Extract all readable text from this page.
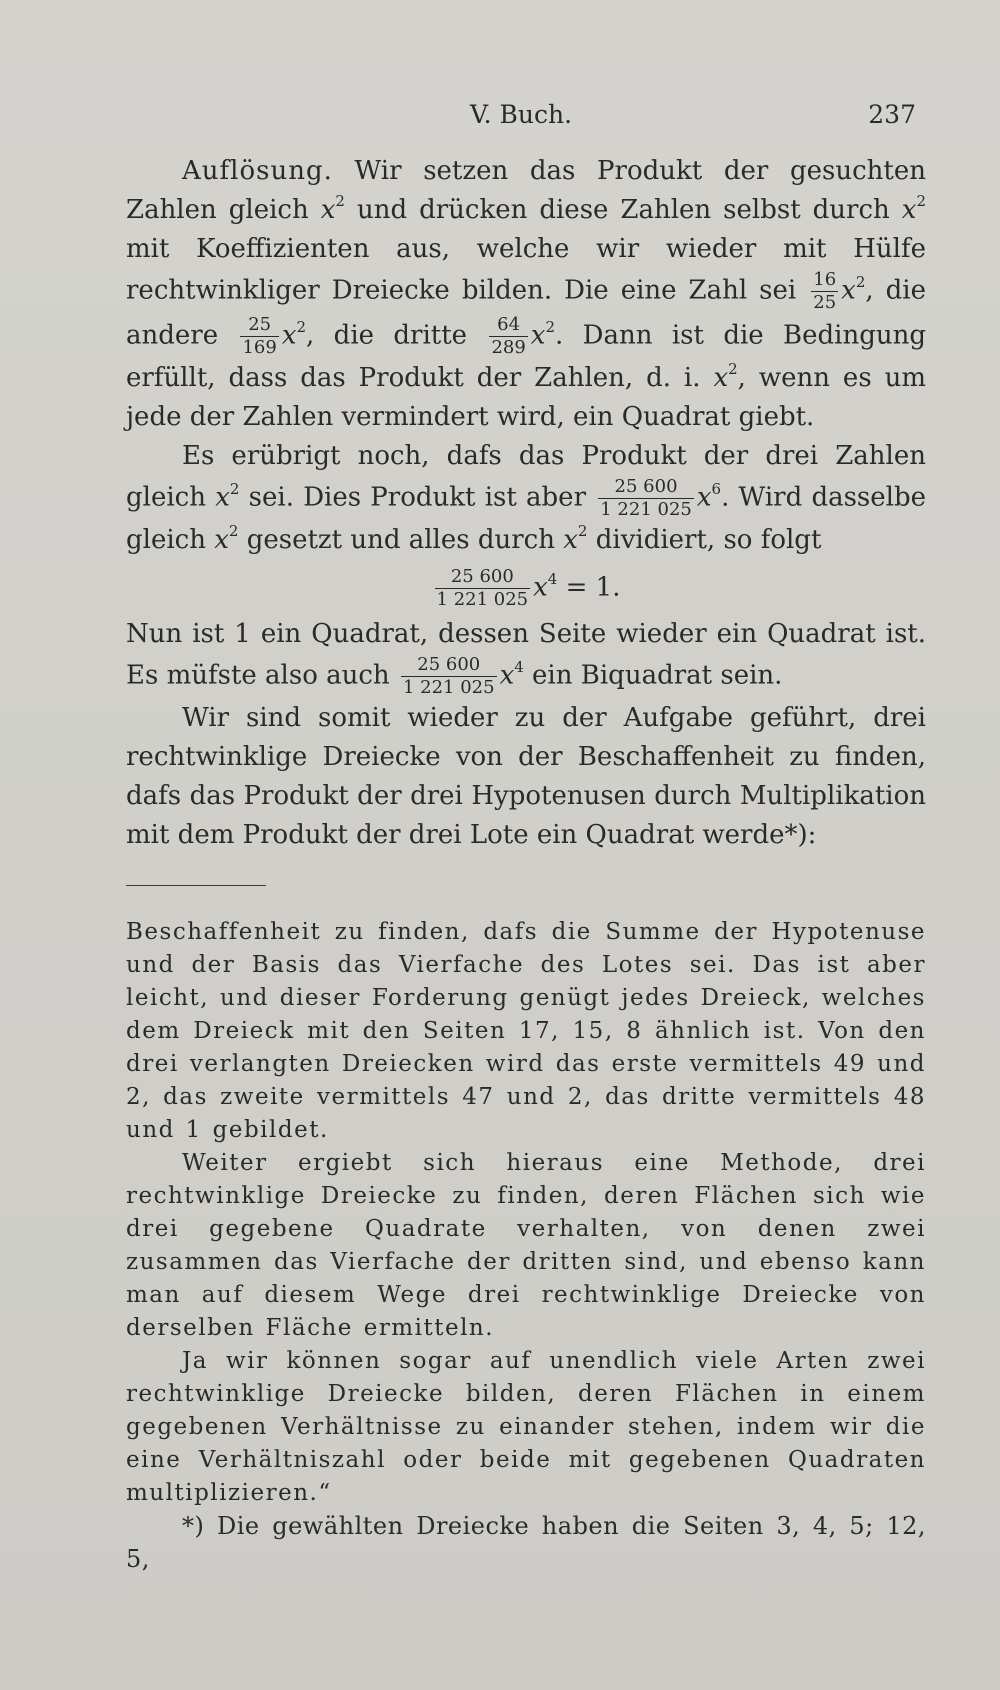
V. Buch.	237

Auflösung. Wir setzen das Produkt der gesuchten Zahlen gleich $x^2$ und drücken diese Zahlen selbst durch $x^2$ mit Koeffizienten aus, welche wir wieder mit Hülfe rechtwinkliger Dreiecke bilden. Die eine Zahl sei $\frac{16}{25} x^2$, die andere $\frac{25}{169} x^2$, die dritte $\frac{64}{289} x^2$. Dann ist die Bedingung erfüllt, dass das Produkt der Zahlen, d. i. $x^2$, wenn es um jede der Zahlen vermindert wird, ein Quadrat giebt.

Es erübrigt noch, dafs das Produkt der drei Zahlen gleich $x^2$ sei. Dies Produkt ist aber $\frac{25 600}{1 221 025} x^6$. Wird dasselbe gleich $x^2$ gesetzt und alles durch $x^2$ dividiert, so folgt

$\frac{25 600}{1 221 025} x^4 = 1$.

Nun ist 1 ein Quadrat, dessen Seite wieder ein Quadrat ist. Es müfste also auch $\frac{25 600}{1 221 025} x^4$ ein Biquadrat sein.

Wir sind somit wieder zu der Aufgabe geführt, drei rechtwinklige Dreiecke von der Beschaffenheit zu finden, dafs das Produkt der drei Hypotenusen durch Multiplikation mit dem Produkt der drei Lote ein Quadrat werde*):

Beschaffenheit zu finden, dafs die Summe der Hypotenuse und der Basis das Vierfache des Lotes sei. Das ist aber leicht, und dieser Forderung genügt jedes Dreieck, welches dem Dreieck mit den Seiten 17, 15, 8 ähnlich ist. Von den drei verlangten Dreiecken wird das erste vermittels 49 und 2, das zweite vermittels 47 und 2, das dritte vermittels 48 und 1 gebildet.

Weiter ergiebt sich hieraus eine Methode, drei rechtwinklige Dreiecke zu finden, deren Flächen sich wie drei gegebene Quadrate verhalten, von denen zwei zusammen das Vierfache der dritten sind, und ebenso kann man auf diesem Wege drei rechtwinklige Dreiecke von derselben Fläche ermitteln.

Ja wir können sogar auf unendlich viele Arten zwei rechtwinklige Dreiecke bilden, deren Flächen in einem gegebenen Verhältnisse zu einander stehen, indem wir die eine Verhältniszahl oder beide mit gegebenen Quadraten multiplizieren.“

*) Die gewählten Dreiecke haben die Seiten 3, 4, 5; 12, 5,
